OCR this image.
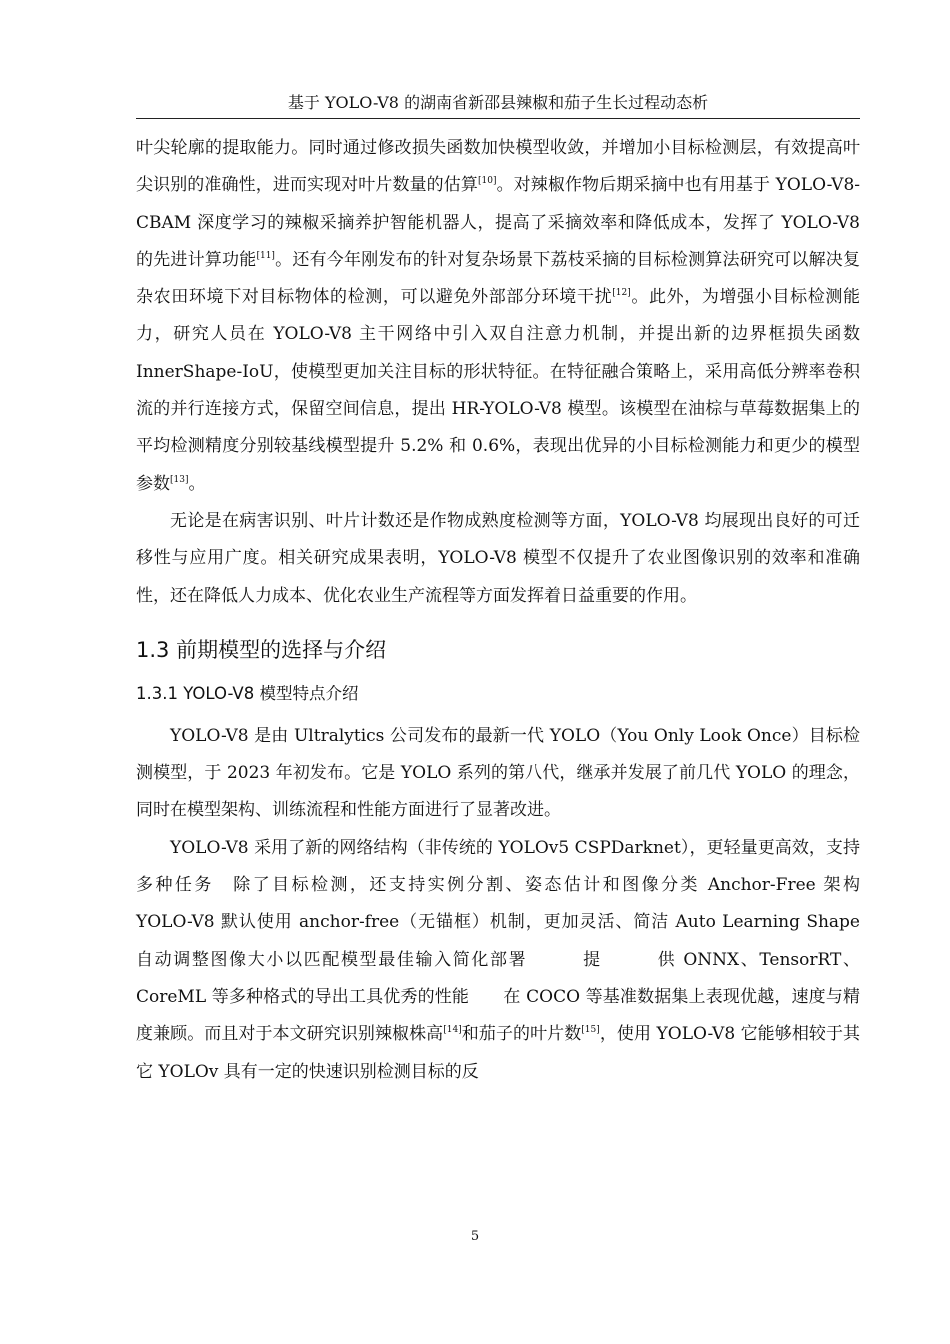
基于 YOLO-V8 的湖南省新邵县辣椒和茄子生长过程动态析

叶尖轮廓的提取能力。同时通过修改损失函数加快模型收敛，并增加小目标检测层，有效提高叶尖识别的准确性，进而实现对叶片数量的估算[10]。对辣椒作物后期采摘中也有用基于 YOLO-V8-CBAM 深度学习的辣椒采摘养护智能机器人，提高了采摘效率和降低成本，发挥了 YOLO-V8 的先进计算功能[11]。还有今年刚发布的针对复杂场景下荔枝采摘的目标检测算法研究可以解决复杂农田环境下对目标物体的检测，可以避免外部部分环境干扰[12]。此外，为增强小目标检测能力，研究人员在 YOLO-V8 主干网络中引入双自注意力机制，并提出新的边界框损失函数 InnerShape-IoU，使模型更加关注目标的形状特征。在特征融合策略上，采用高低分辨率卷积流的并行连接方式，保留空间信息，提出 HR-YOLO-V8 模型。该模型在油棕与草莓数据集上的平均检测精度分别较基线模型提升 5.2% 和 0.6%，表现出优异的小目标检测能力和更少的模型参数[13]。

无论是在病害识别、叶片计数还是作物成熟度检测等方面，YOLO-V8 均展现出良好的可迁移性与应用广度。相关研究成果表明，YOLO-V8 模型不仅提升了农业图像识别的效率和准确性，还在降低人力成本、优化农业生产流程等方面发挥着日益重要的作用。

1.3 前期模型的选择与介绍
1.3.1 YOLO-V8 模型特点介绍

YOLO-V8 是由 Ultralytics 公司发布的最新一代 YOLO（You Only Look Once）目标检测模型，于 2023 年初发布。它是 YOLO 系列的第八代，继承并发展了前几代 YOLO 的理念，同时在模型架构、训练流程和性能方面进行了显著改进。

YOLO-V8 采用了新的网络结构（非传统的 YOLOv5 CSPDarknet），更轻量更高效，支持多种任务　除了目标检测，还支持实例分割、姿态估计和图像分类 Anchor-Free 架构　　YOLO-V8 默认使用 anchor-free（无锚框）机制，更加灵活、简洁 Auto Learning Shape　　　自动调整图像大小以匹配模型最佳输入简化部署　　　提　　　供 ONNX、TensorRT、CoreML 等多种格式的导出工具优秀的性能　　在 COCO 等基准数据集上表现优越，速度与精度兼顾。而且对于本文研究识别辣椒株高[14]和茄子的叶片数[15]，使用 YOLO-V8 它能够相较于其它 YOLOv 具有一定的快速识别检测目标的反

5
